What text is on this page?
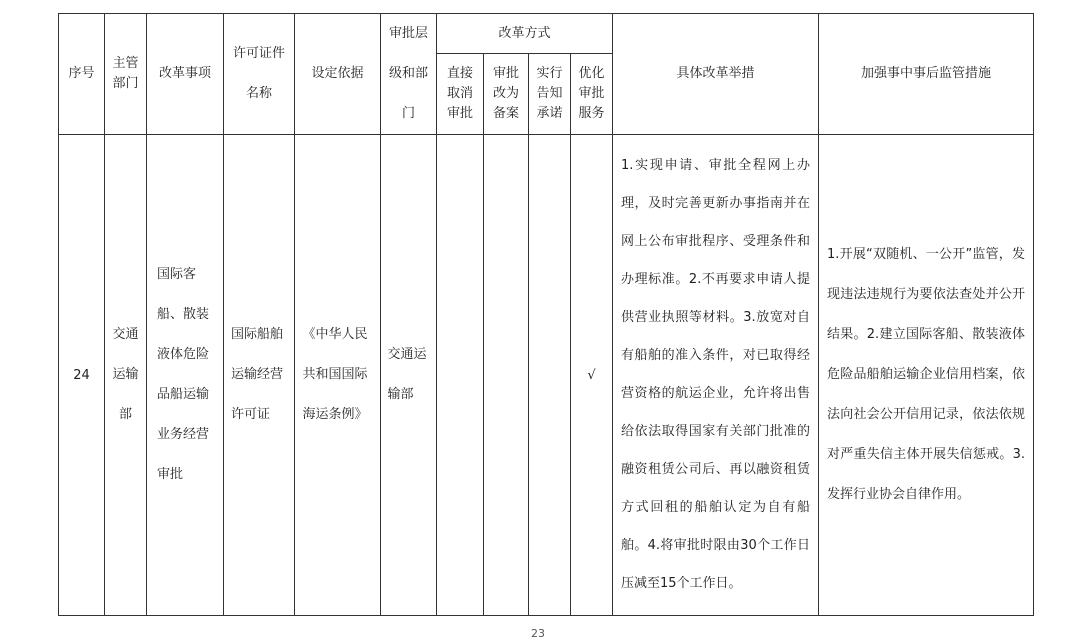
序号	主管部门	改革事项	许可证件名称	设定依据	审批层级和部门	改革方式				具体改革举措	加强事中事后监管措施
						直接取消审批	审批改为备案	实行告知承诺	优化审批服务		
24	交通运输部	国际客船、散装液体危险品船运输业务经营审批	国际船舶运输经营许可证	《中华人民共和国国际海运条例》	交通运输部				√	1.实现申请、审批全程网上办理，及时完善更新办事指南并在网上公布审批程序、受理条件和办理标准。2.不再要求申请人提供营业执照等材料。3.放宽对自有船舶的准入条件，对已取得经营资格的航运企业，允许将出售给依法取得国家有关部门批准的融资租赁公司后、再以融资租赁方式回租的船舶认定为自有船舶。4.将审批时限由30个工作日压减至15个工作日。	1.开展“双随机、一公开”监管，发现违法违规行为要依法查处并公开结果。2.建立国际客船、散装液体危险品船舶运输企业信用档案，依法向社会公开信用记录，依法依规对严重失信主体开展失信惩戒。3.发挥行业协会自律作用。
23
